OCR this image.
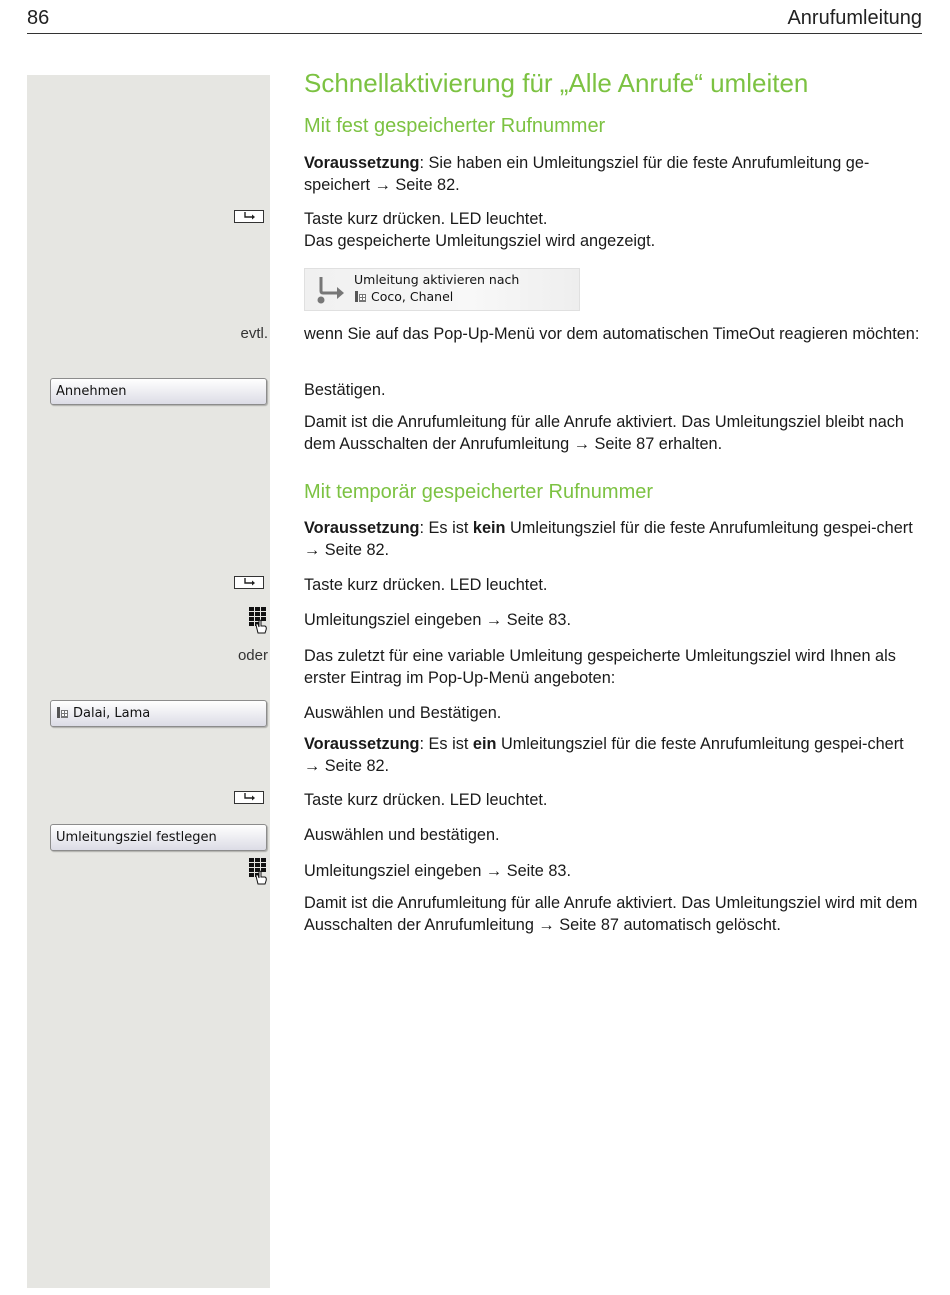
86	Anrufumleitung
Schnellaktivierung für „Alle Anrufe“ umleiten
Mit fest gespeicherter Rufnummer
Voraussetzung: Sie haben ein Umleitungsziel für die feste Anrufumleitung ge-speichert → Seite 82.
Taste kurz drücken. LED leuchtet.
Das gespeicherte Umleitungsziel wird angezeigt.
Umleitung aktivieren nach
Coco, Chanel
evtl. wenn Sie auf das Pop-Up-Menü vor dem automatischen TimeOut reagieren möchten:
Annehmen	Bestätigen.
Damit ist die Anrufumleitung für alle Anrufe aktiviert. Das Umleitungsziel bleibt nach dem Ausschalten der Anrufumleitung → Seite 87 erhalten.
Mit temporär gespeicherter Rufnummer
Voraussetzung: Es ist kein Umleitungsziel für die feste Anrufumleitung gespei-chert → Seite 82.
Taste kurz drücken. LED leuchtet.
Umleitungsziel eingeben → Seite 83.
oder Das zuletzt für eine variable Umleitung gespeicherte Umleitungsziel wird Ihnen als erster Eintrag im Pop-Up-Menü angeboten:
Dalai, Lama	Auswählen und Bestätigen.
Voraussetzung: Es ist ein Umleitungsziel für die feste Anrufumleitung gespei-chert → Seite 82.
Taste kurz drücken. LED leuchtet.
Umleitungsziel festlegen	Auswählen und bestätigen.
Umleitungsziel eingeben → Seite 83.
Damit ist die Anrufumleitung für alle Anrufe aktiviert. Das Umleitungsziel wird mit dem Ausschalten der Anrufumleitung → Seite 87 automatisch gelöscht.
